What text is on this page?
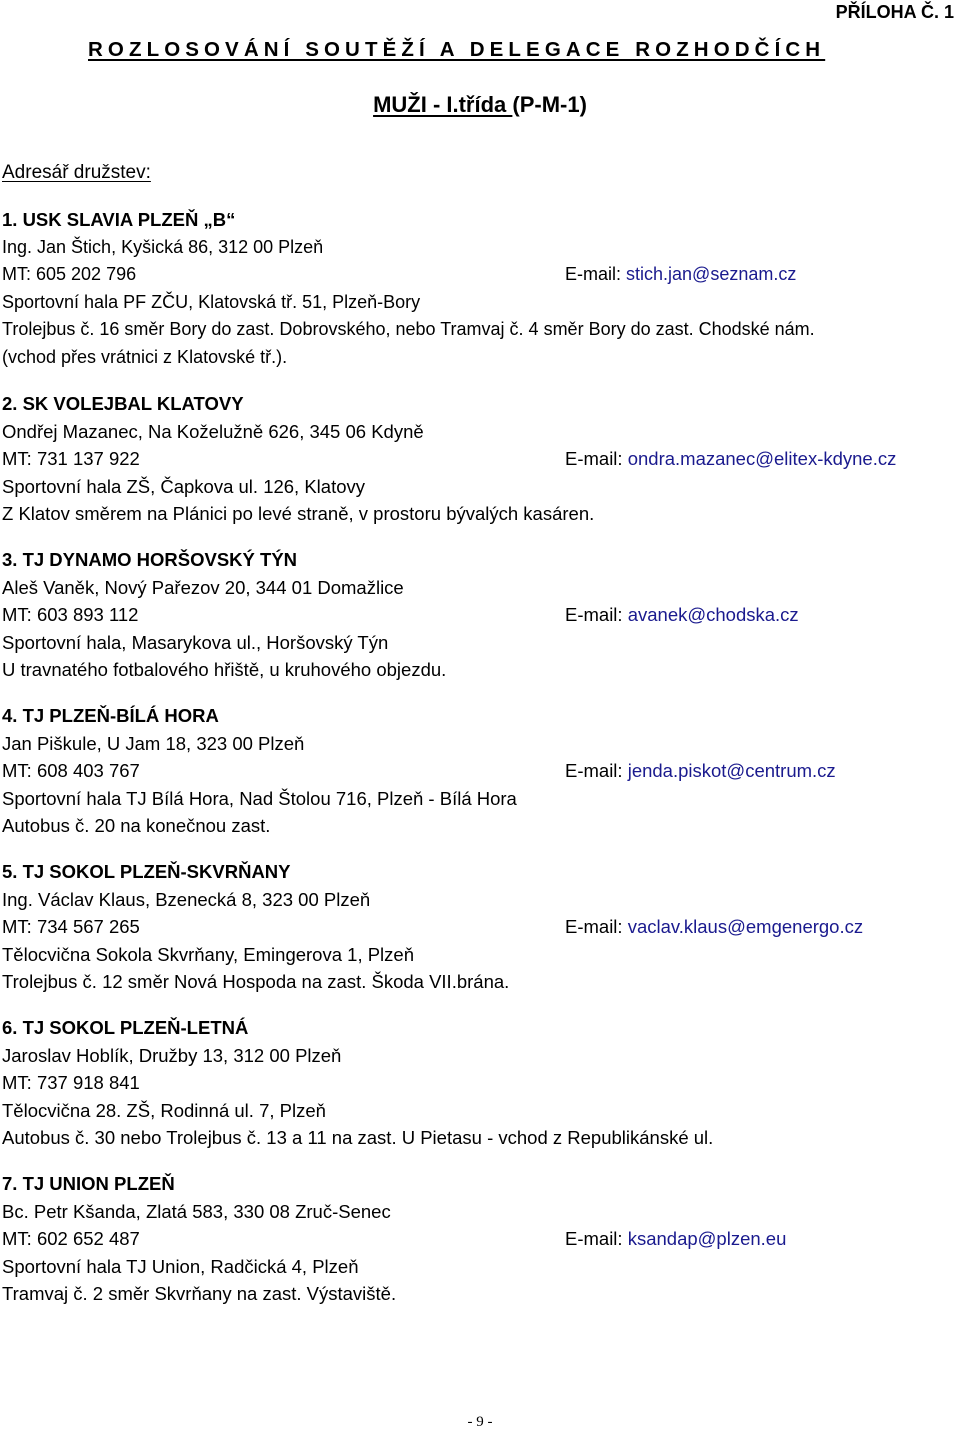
PŘÍLOHA Č. 1
ROZLOSOVÁNÍ SOUTĚŽÍ A DELEGACE ROZHODČÍCH
MUŽI - I.třída (P-M-1)
Adresář družstev:
1. USK SLAVIA PLZEŇ „B“
Ing. Jan Štich, Kyšická 86, 312 00 Plzeň
MT: 605 202 796	E-mail: stich.jan@seznam.cz
Sportovní hala PF ZČU, Klatovská tř. 51, Plzeň-Bory
Trolejbus č. 16 směr Bory do zast. Dobrovského, nebo Tramvaj č. 4 směr Bory do zast. Chodské nám.
(vchod přes vrátnici z Klatovské tř.).
2. SK VOLEJBAL KLATOVY
Ondřej Mazanec, Na Koželužně 626, 345 06 Kdyně
MT: 731 137 922	E-mail: ondra.mazanec@elitex-kdyne.cz
Sportovní hala ZŠ, Čapkova ul. 126, Klatovy
Z Klatov směrem na Plánici po levé straně, v prostoru bývalých kasáren.
3. TJ DYNAMO HORŠOVSKÝ TÝN
Aleš Vaněk, Nový Pařezov 20, 344 01 Domažlice
MT: 603 893 112	E-mail: avanek@chodska.cz
Sportovní hala, Masarykova ul., Horšovský Týn
U travnatého fotbalového hřiště, u kruhového objezdu.
4. TJ PLZEŇ-BÍLÁ HORA
Jan Piškule, U Jam 18, 323 00 Plzeň
MT: 608 403 767	E-mail: jenda.piskot@centrum.cz
Sportovní hala TJ Bílá Hora, Nad Štolou 716, Plzeň - Bílá Hora
Autobus č. 20 na konečnou zast.
5. TJ SOKOL PLZEŇ-SKVRŇANY
Ing. Václav Klaus, Bzenecká 8, 323 00 Plzeň
MT: 734 567 265	E-mail: vaclav.klaus@emgenergo.cz
Tělocvična Sokola Skvrňany, Emingerova 1, Plzeň
Trolejbus č. 12 směr Nová Hospoda na zast. Škoda VII.brána.
6. TJ SOKOL PLZEŇ-LETNÁ
Jaroslav Hoblík, Družby 13, 312 00 Plzeň
MT: 737 918 841
Tělocvična 28. ZŠ, Rodinná ul. 7, Plzeň
Autobus č. 30 nebo Trolejbus č. 13 a 11 na zast. U Pietasu - vchod z Republikánské ul.
7. TJ UNION PLZEŇ
Bc. Petr Kšanda, Zlatá 583, 330 08 Zruč-Senec
MT: 602 652 487	E-mail: ksandap@plzen.eu
Sportovní hala TJ Union, Radčická 4, Plzeň
Tramvaj č. 2 směr Skvrňany na zast. Výstaviště.
- 9 -
